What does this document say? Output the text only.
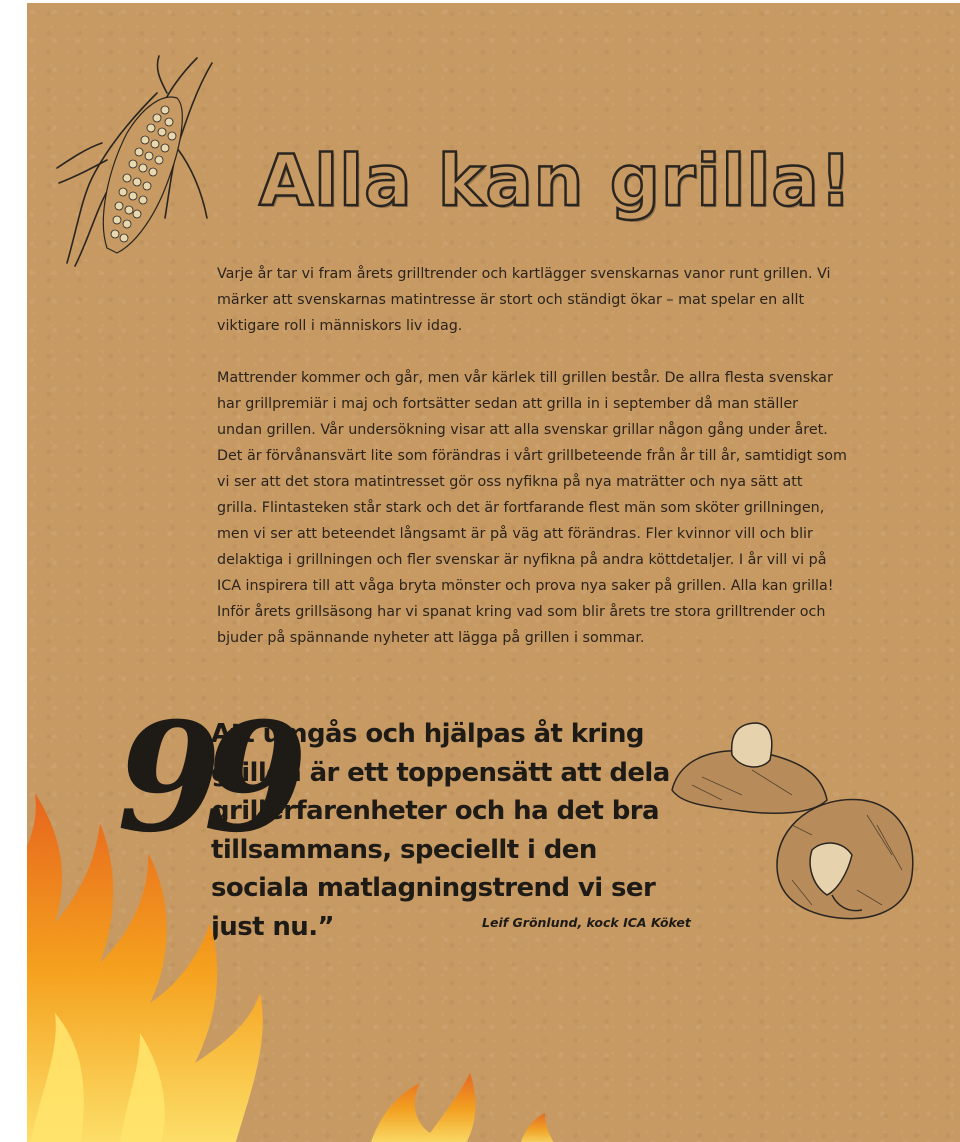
Alla kan grilla!

Varje år tar vi fram årets grilltrender och kartlägger svenskarnas vanor runt grillen. Vi märker att svenskarnas matintresse är stort och ständigt ökar – mat spelar en allt viktigare roll i människors liv idag.

Mattrender kommer och går, men vår kärlek till grillen består. De allra flesta svenskar har grillpremiär i maj och fortsätter sedan att grilla in i september då man ställer undan grillen. Vår undersökning visar att alla svenskar grillar någon gång under året. Det är förvånansvärt lite som förändras i vårt grillbeteende från år till år, samtidigt som vi ser att det stora matintresset gör oss nyfikna på nya maträtter och nya sätt att grilla. Flintasteken står stark och det är fortfarande flest män som sköter grillningen, men vi ser att beteendet långsamt är på väg att förändras. Fler kvinnor vill och blir delaktiga i grillningen och fler svenskar är nyfikna på andra köttdetaljer. I år vill vi på ICA inspirera till att våga bryta mönster och prova nya saker på grillen. Alla kan grilla! Inför årets grillsäsong har vi spanat kring vad som blir årets tre stora grilltrender och bjuder på spännande nyheter att lägga på grillen i sommar.

99

Att umgås och hjälpas åt kring grillen är ett toppensätt att dela grillerfarenheter och ha det bra tillsammans, speciellt i den sociala matlagningstrend vi ser just nu.”	Leif Grönlund, kock ICA Köket
